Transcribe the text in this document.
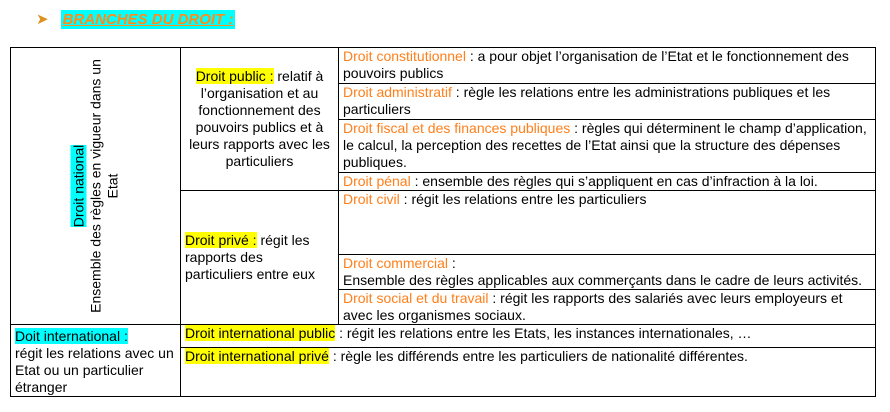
➤ BRANCHES DU DROIT :
Droit national
Ensemble des règles en vigueur dans un Etat	Droit public : relatif à l’organisation et au fonctionnement des pouvoirs publics et à leurs rapports avec les particuliers	Droit constitutionnel : a pour objet l’organisation de l’Etat et le fonctionnement des pouvoirs publics
		Droit administratif : règle les relations entre les administrations publiques et les particuliers
		Droit fiscal et des finances publiques : règles qui déterminent le champ d’application, le calcul, la perception des recettes de l’Etat ainsi que la structure des dépenses publiques.
		Droit pénal : ensemble des règles qui s’appliquent en cas d’infraction à la loi.
	Droit privé : régit les rapports des particuliers entre eux	Droit civil : régit les relations entre les particuliers
		Droit commercial :
Ensemble des règles applicables aux commerçants dans le cadre de leurs activités.
		Droit social et du travail : régit les rapports des salariés avec leurs employeurs et avec les organismes sociaux.
Doit international :
régit les relations avec un Etat ou un particulier étranger	Droit international public : régit les relations entre les Etats, les instances internationales, …	
	Droit international privé : règle les différends entre les particuliers de nationalité différentes.	
